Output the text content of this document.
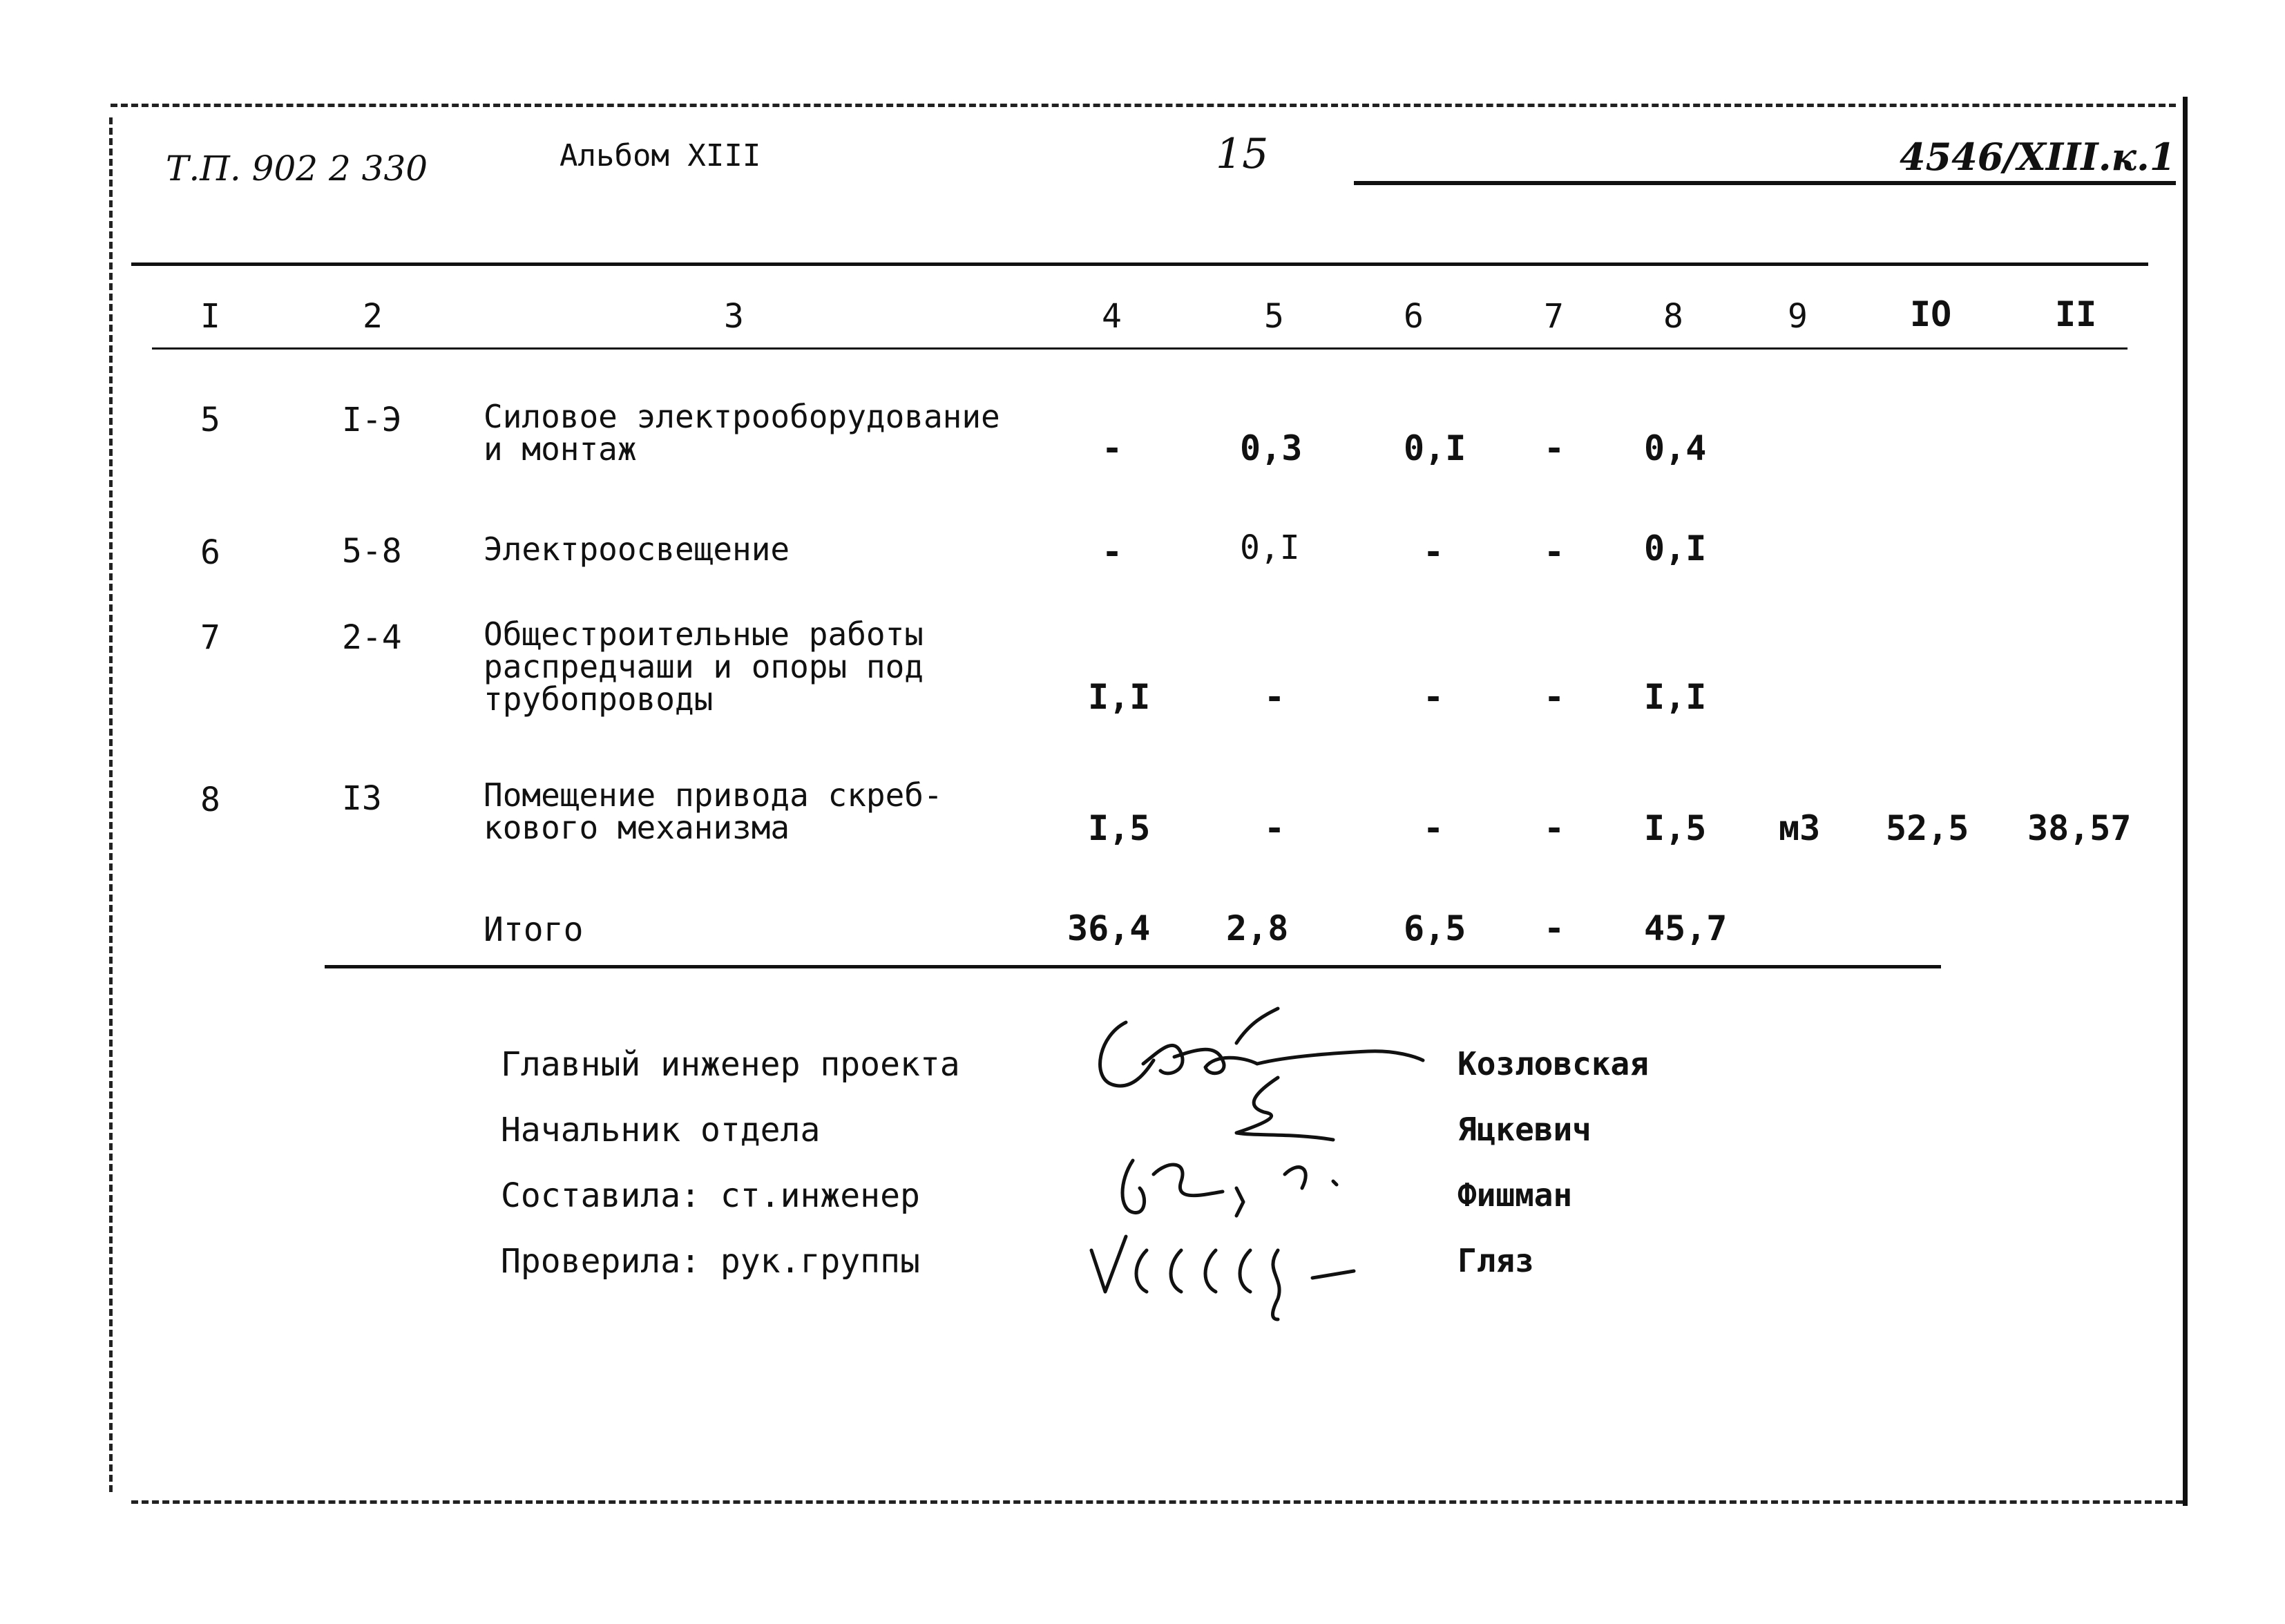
Т.П. 902 2 330	Альбом XIII	15	4546/XIII.к.1
I	2	3	4	5	6	7	8	9	IO	II
5	I-Э	Силовое электрооборудование
и монтаж	-	0,3	0,I - 0,4
6	5-8	Электроосвещение	-	0,I	-	- 0,I
7	2-4	Общестроительные работы
распредчаши и опоры под
трубопроводы	I,I	-	-	- I,I
8	I3	Помещение привода скреб-
кового механизма	I,5	-	-	- I,5 м3 52,5 38,57
Итого	36,4 2,8	6,5 - 45,7
Главный инженер проекта	Козловская
Начальник отдела	Яцкевич
Составила: ст.инженер	Фишман
Проверила: рук.группы	Гляз
